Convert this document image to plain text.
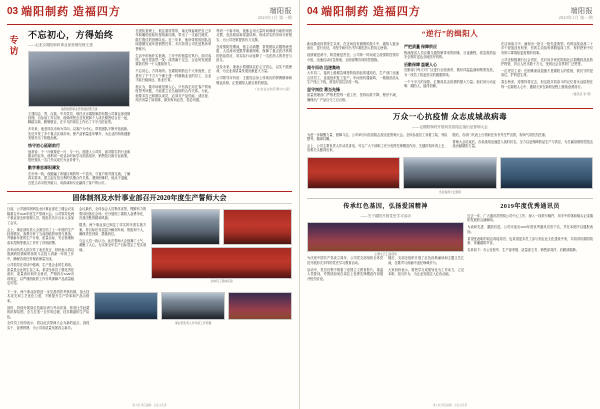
03 端阳制药 造福四方	端阳报
2020年1月 第一期
专访
不忘初心，方得始终
——记北京端阳制药事业部营销经理王建
端阳制药事业部营销经理王建

王建同志，男，汉族，中共党员，现任北京端阳制药有限公司事业部营销经理。自参加工作以来，他始终把企业发展和个人成长紧密结合在一起，脚踏实地、勤勉敬业，在平凡的岗位上作出了不平凡的业绩。

多年来，他坚持以市场为导向，以客户为中心，带领团队不断开拓创新，先后开发了多个重点区域市场，使产品销量连年攀升，为企业的持续健康发展作出了积极贡献。

恪守初心砥砺前行

他常说：干一行就要爱一行、专一行。刚进入公司时，面对陌生的行业和繁杂的业务，他利用一切业余时间学习药品知识、销售技巧和行业政策，很快便从一名门外汉成长为业务骨干。

勤学善思厚积薄发

在市场一线，他跑遍了所辖区域的每一个县市，与客户面对面交流，了解真实需求，建立起互信互利的长期合作关系。遇到困难时，他从不退缩，总是主动寻找突破口，用真诚和专业赢得了客户的认可。

在团队管理上，他注重传帮带，毫无保留地把自己多年积累的经验传授给新同事，带出了一支能打硬仗、敢打胜仗的营销队伍。近三年来，他所带领的团队连续超额完成年度销售任务，多次获得公司先进集体荣誉称号。

生活中的他朴实低调，工作中的他雷厉风行。面对成绩，他总是淡然一笑：成绩属于过去，企业的发展需要我们每一个人继续努力。

不忘初心，方得始终。在端阳制药这个大家庭里，正是有了千千万万个像王建一样兢兢业业的员工，企业才能行稳致远、基业长青。

他认为，做市场就是做人心。只有真正站在客户的角度思考问题，才能建立长久稳固的合作关系。为此，他要求自己和团队成员，必须对产品性能、适应症、用法用量了如指掌，做到有问必答、答必有据。

每到一个新市场，他都会用大量时间调研当地的用药习惯、竞品格局和渠道结构，形成详实的市场分析报告，为公司决策提供有力支撑。

在疫情防控期间，他主动请缨，带领团队克服物流受阻、人员流动受限等重重困难，保障了重点医疗机构的药品供应，用实际行动诠释了一名医药人的责任与担当。

谈及未来，他表示将继续以匠心守初心，以实干践使命，为企业高质量发展贡献更大力量。

公司领导评价说：王建同志身上体现出的拼搏精神和敬业品格，正是端阳人最宝贵的财富。

（文/企业文化部 图/办公室）
固体制剂及水针事业部召开2020年度生产誓师大会

日前，公司固体制剂及水针事业部在三楼会议室隆重召开2020年度生产誓师大会。公司领导及两个事业部全体管理人员、班组长共计百余人参加了会议。

会上，事业部负责人全面总结了上一年度的生产经营情况，客观分析了当前面临的形势与挑战，并就新年度的生产计划、质量目标、安全管理和成本控制等重点工作作了详细部署。

各车间负责人依次作了表态发言，纷纷表示将以饱满的热情和昂扬的斗志投入到新一年的工作中，确保各项任务保质保量完成。

公司领导在讲话中强调，生产是企业的生命线，质量是企业的生存之本。希望全体员工强化责任意识、质量意识和安全意识，严格执行GMP各项规定，以严谨细致的工作作风保障产品质量稳定可控。

会议最后，全体参会人员集体宣誓，铿锵有力的誓词回荡在会场，充分展现了端阳人奋勇争先、决战决胜的精神风貌。

据悉，两个事业部已制定了详实的年度实施方案，将目标任务层层分解到车间、班组和个人，确保责任到岗、措施到位。

与会人员一致认为，此次誓师大会鼓舞了士气、凝聚了人心，为实现全年生产目标奠定了坚实基础。

全体员工集体宣誓

下一步，两个事业部将进一步完善绩效考核机制，加大技术攻关和工艺优化力度，不断提升生产效率和产品合格率。

同时，持续开展岗位技能培训与劳动竞赛，营造比学赶超的浓厚氛围，全力打造一支作风过硬、技术精湛的生产队伍。

全体员工纷纷表示，将以此次誓师大会为新的起点，真抓实干、奋勇拼搏，为公司高质量发展再立新功。

事业部负责人作年度工作部署
第 3 版 责任编辑：企业文化部
04 端阳制药 造福四方	端阳报
2020年1月 第一期
“逆行”的缉阳人

新冠肺炎疫情发生以来，在这场没有硝烟的战斗中，端阳人挺身而出、逆行出征，用坚守和付出书写着医药人的初心使命。

疫情就是命令，防控就是责任。公司第一时间成立疫情防控领导小组，迅速启动应急预案，全面部署各项防控措施。

闻令而动 迅速集结

大年初二，接到上级紧急调拨防疫药品的通知后，生产部门迅速召回员工，连夜组织复工复产。车间里机器轰鸣，一箱箱药品从生产线上下线，被及时送往抗疫一线。

坚守岗位 勇当先锋

质量管理部门严格把控每一道工序，坚持标准不降、程序不减，确保出厂产品百分之百合格。

严把质量 保障供应

物流配送人员克服交通管制带来的困难，日夜兼程，将急需药品安全准时送达各地医疗机构。

后勤保障 温暖人心

后勤部门每天对厂区进行全面消杀，做好体温监测和物资发放，为一线员工筑起坚实的健康防线。

一个个平凡的身影，汇聚成抗击疫情的强大力量。他们用行动证明：端阳人，值得信赖。

在这场战斗中，涌现出一批又一批先进典型。有的连续奋战二十多个昼夜没有回家，有的主动放弃休假返岗工作，有的把家中仅有的口罩捐给更需要的同事。

公司还积极履行社会责任，先后向多家医院和社区捐赠药品及防护物资，折合人民币数十万元，受到社会各界的广泛赞誉。

一位老员工说：在困难面前退缩不是端阳人的性格，我们守的是岗位，护的是生命。

春去秋来，疫情终将过去，但这段共同奋斗的记忆将永远铭刻在每一位端阳人心中，激励大家在新的征程上继续奋勇前行。

（通讯员 李 明）
万众一心抗疫情 众志成城战病毒
——记端阳制药开展向抗疫阻击战出征誓师大会

为进一步凝聚力量、鼓舞斗志，公司举行向抗疫阻击战出征誓师大会。全体参战员工身着工装，列队整齐，精神抖擞。

会上，公司主要负责人作动员讲话，号召广大干部职工充分发挥先锋模范作用，关键时刻冲得上去、危难关头豁得出来。

随后，各部门代表上台领取任务书并庄严宣誓，现场气氛热烈庄重。

誓师大会结束后，各条战线迅速进入战时状态，全力以赴保障药品生产与供应，为打赢疫情防控阻击战贡献端阳力量。

出征誓师大会现场
传承红色基因，弘扬爱国精神
——关于端阳开展党史学习活动
主题文艺汇演现场

为庆祝中国共产党成立周年，公司党支部组织全体党员开展形式多样的党史学习教育活动。

活动中，党员们集中观看了爱国主义教育影片，重温入党誓词，并围绕如何在岗位上发挥先锋模范作用展开热烈讨论。

随后，支部还组织开展了红色经典诵读和主题文艺汇演，在歌声与朗诵中追忆峥嵘岁月。

大家纷纷表示，要把学习成果转化为工作动力，立足本职、担当作为，为企业发展注入红色动能。

2019年度优秀通讯员

过去一年，广大通讯员围绕公司中心工作，深入一线采写稿件，用手中的笔和镜头记录端阳发展的点滴瞬间。

为表彰先进、激励后进，公司评选出2019年度优秀通讯员若干名，并在本期予以通报表扬。

希望受表彰的同志再接再厉，也希望更多员工参与到企业文化建设中来，共同讲好端阳故事、传播端阳声音。

名单如下：办公室张华、生产部李强、质量部王芳、销售部刘洋、后勤部陈静。

第 4 版 责任编辑：企业文化部
